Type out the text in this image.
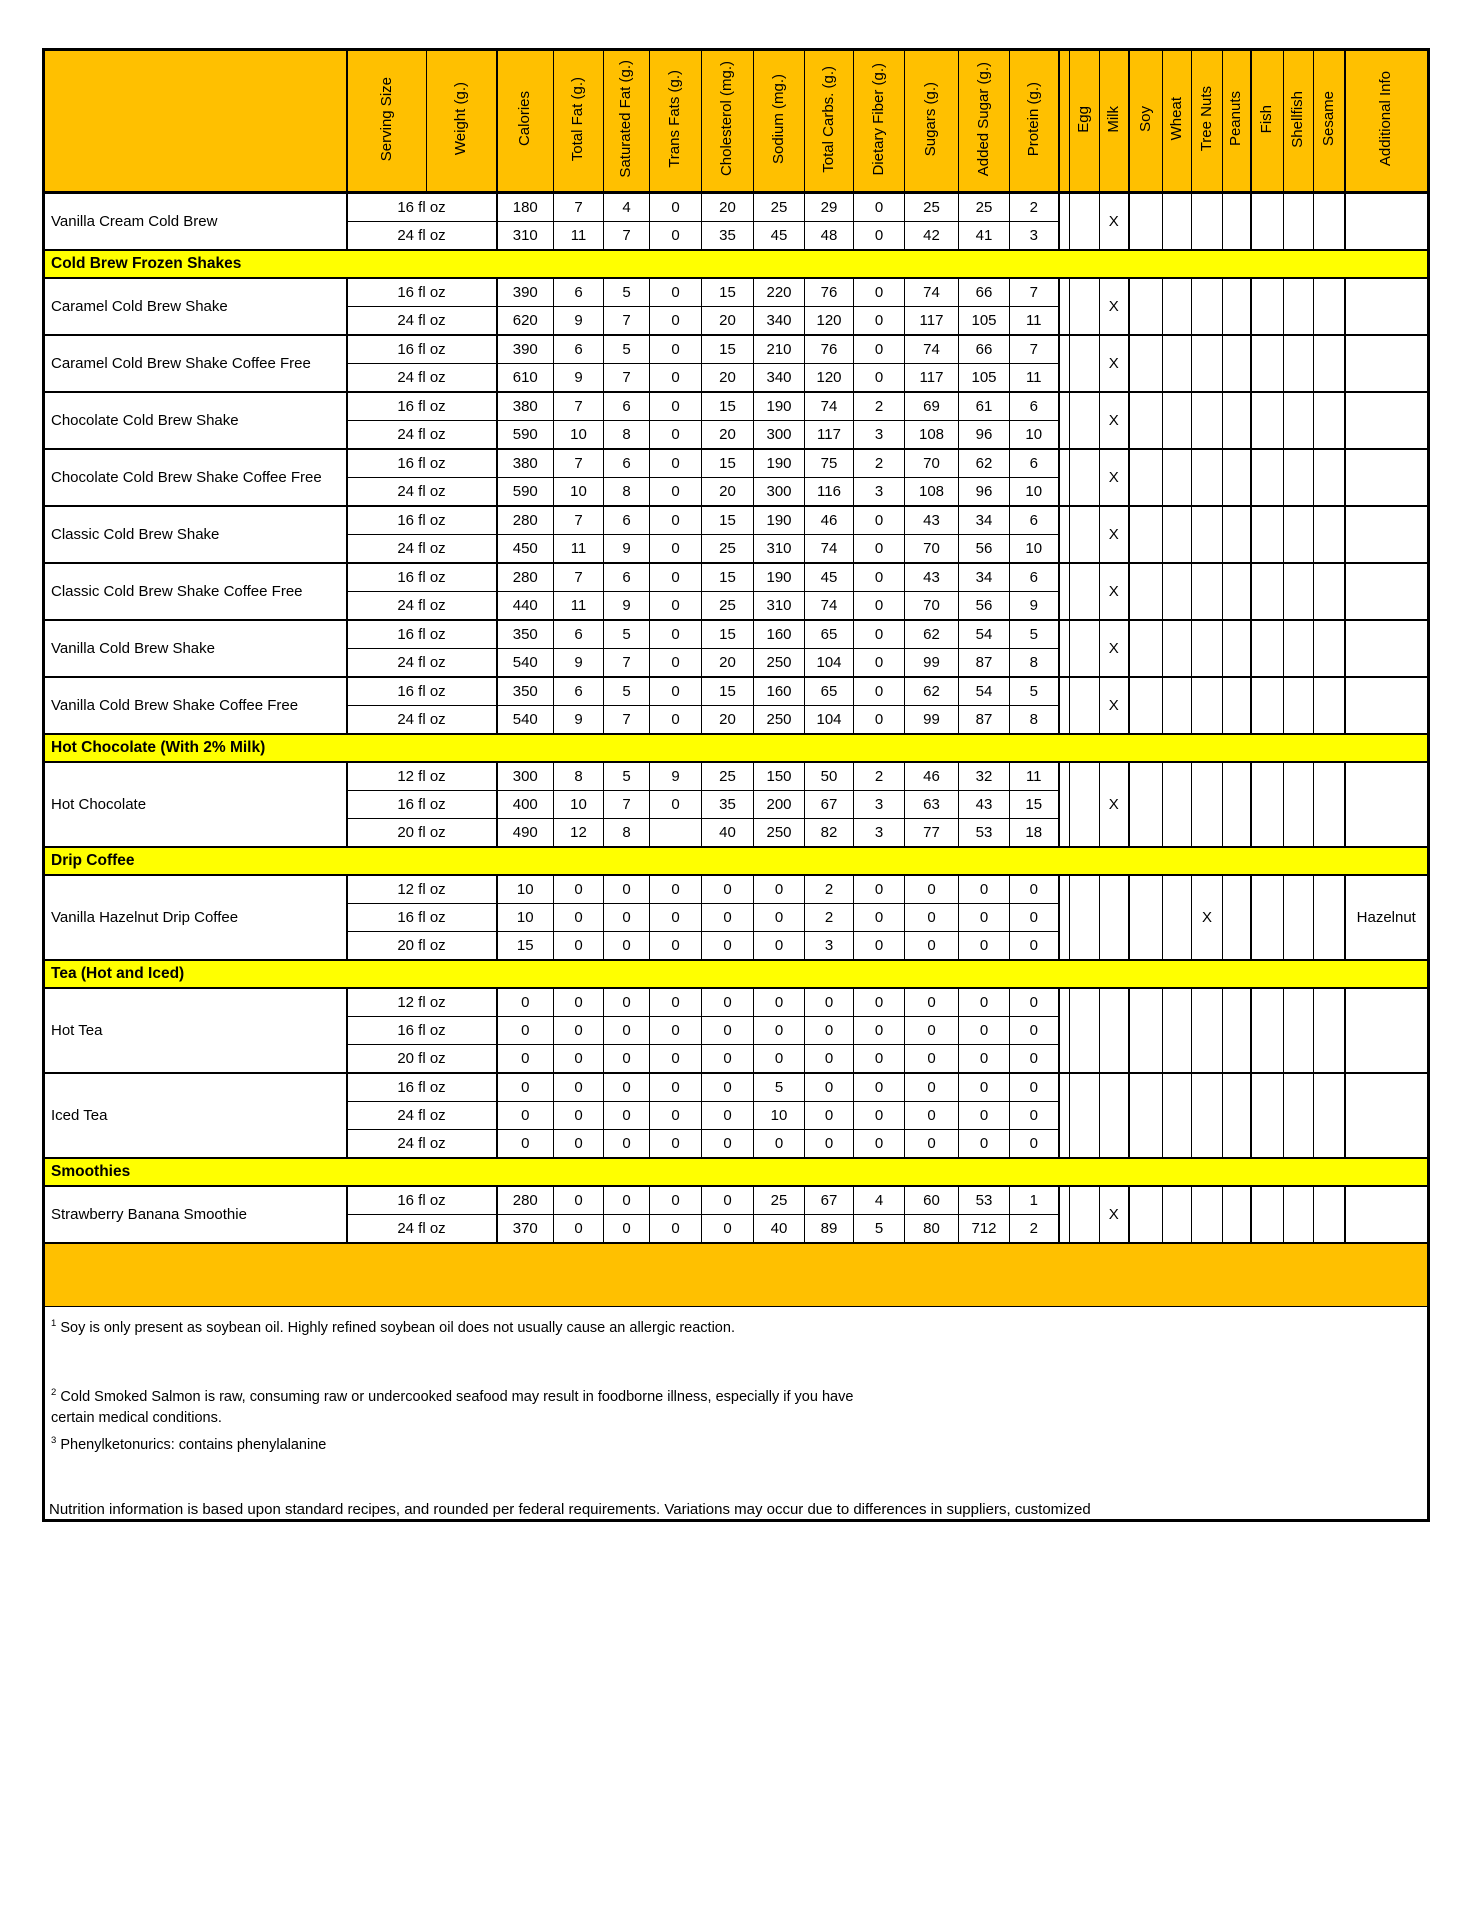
	Serving Size	Weight (g.)	Calories	Total Fat (g.)	Saturated Fat (g.)	Trans Fats (g.)	Cholesterol (mg.)	Sodium (mg.)	Total Carbs. (g.)	Dietary Fiber (g.)	Sugars (g.)	Added Sugar (g.)	Protein (g.)		Egg	Milk	Soy	Wheat	Tree Nuts	Peanuts	Fish	Shellfish	Sesame	Additional Info
Vanilla Cream Cold Brew	16 fl oz		180	7	4	0	20	25	29	0	25	25	2			X								
	24 fl oz		310	11	7	0	35	45	48	0	42	41	3											
Cold Brew Frozen Shakes																								
Caramel Cold Brew Shake	16 fl oz		390	6	5	0	15	220	76	0	74	66	7			X								
	24 fl oz		620	9	7	0	20	340	120	0	117	105	11											
Caramel Cold Brew Shake Coffee Free	16 fl oz		390	6	5	0	15	210	76	0	74	66	7			X								
	24 fl oz		610	9	7	0	20	340	120	0	117	105	11											
Chocolate Cold Brew Shake	16 fl oz		380	7	6	0	15	190	74	2	69	61	6			X								
	24 fl oz		590	10	8	0	20	300	117	3	108	96	10											
Chocolate Cold Brew Shake Coffee Free	16 fl oz		380	7	6	0	15	190	75	2	70	62	6			X								
	24 fl oz		590	10	8	0	20	300	116	3	108	96	10											
Classic Cold Brew Shake	16 fl oz		280	7	6	0	15	190	46	0	43	34	6			X								
	24 fl oz		450	11	9	0	25	310	74	0	70	56	10											
Classic Cold Brew Shake Coffee Free	16 fl oz		280	7	6	0	15	190	45	0	43	34	6			X								
	24 fl oz		440	11	9	0	25	310	74	0	70	56	9											
Vanilla Cold Brew Shake	16 fl oz		350	6	5	0	15	160	65	0	62	54	5			X								
	24 fl oz		540	9	7	0	20	250	104	0	99	87	8											
Vanilla Cold Brew Shake Coffee Free	16 fl oz		350	6	5	0	15	160	65	0	62	54	5			X								
	24 fl oz		540	9	7	0	20	250	104	0	99	87	8											
Hot Chocolate (With 2% Milk)																								
Hot Chocolate	12 fl oz		300	8	5	9	25	150	50	2	46	32	11			X								
	16 fl oz		400	10	7	0	35	200	67	3	63	43	15											
	20 fl oz		490	12	8		40	250	82	3	77	53	18											
Drip Coffee																								
Vanilla Hazelnut Drip Coffee	12 fl oz		10	0	0	0	0	0	2	0	0	0	0						X					Hazelnut
	16 fl oz		10	0	0	0	0	0	2	0	0	0	0											
	20 fl oz		15	0	0	0	0	0	3	0	0	0	0											
Tea (Hot and Iced)																								
Hot Tea	12 fl oz		0	0	0	0	0	0	0	0	0	0	0											
	16 fl oz		0	0	0	0	0	0	0	0	0	0	0											
	20 fl oz		0	0	0	0	0	0	0	0	0	0	0											
Iced Tea	16 fl oz		0	0	0	0	0	5	0	0	0	0	0											
	24 fl oz		0	0	0	0	0	10	0	0	0	0	0											
	24 fl oz		0	0	0	0	0	0	0	0	0	0	0											
Smoothies																								
Strawberry Banana Smoothie	16 fl oz		280	0	0	0	0	25	67	4	60	53	1			X								
	24 fl oz		370	0	0	0	0	40	89	5	80	712	2											

$^1$ Soy is only present as soybean oil. Highly refined soybean oil does not usually cause an allergic reaction.

$^2$ Cold Smoked Salmon is raw, consuming raw or undercooked seafood may result in foodborne illness, especially if you have certain medical conditions.

$^3$ Phenylketonurics: contains phenylalanine

Nutrition information is based upon standard recipes, and rounded per federal requirements. Variations may occur due to differences in suppliers, customized																								
